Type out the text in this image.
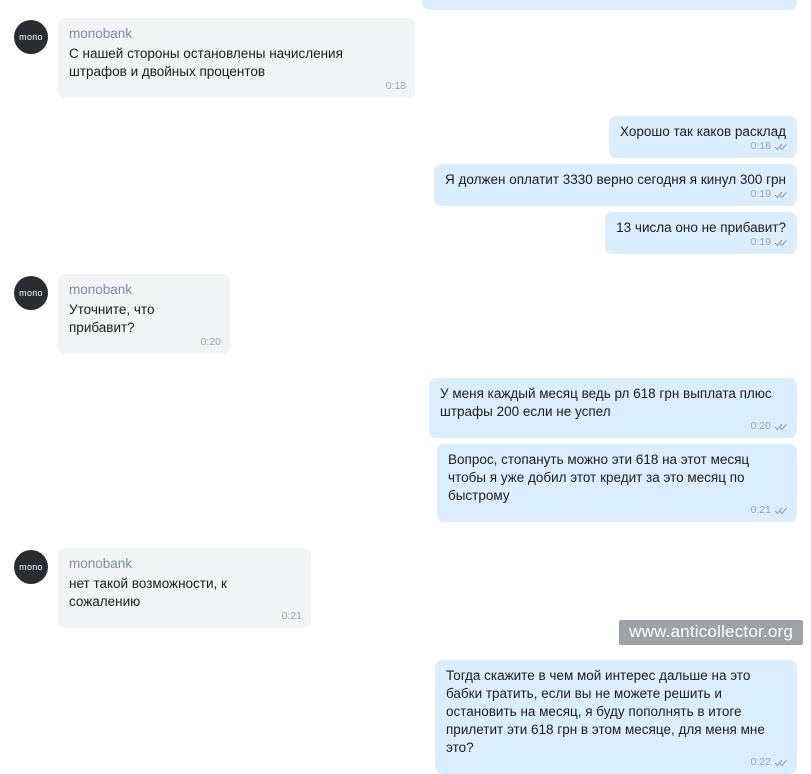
mono	monobank
С нашей стороны остановлены начисления штрафов и двойных процентов
0:18
Хорошо так каков расклад
0:18
Я должен оплатит 3330 верно сегодня я кинул 300 грн
0:19
13 числа оно не прибавит?
0:19
mono	monobank
Уточните, что прибавит?
0:20
У меня каждый месяц ведь рл 618 грн выплата плюс штрафы 200 если не успел
0:20
Вопрос, стопануть можно эти 618 на этот месяц чтобы я уже добил этот кредит за это месяц по быстрому
0:21
mono	monobank
нет такой возможности, к сожалению
0:21
Тогда скажите в чем мой интерес дальше на это бабки тратить, если вы не можете решить и остановить на месяц, я буду пополнять в итоге прилетит эти 618 грн в этом месяце, для меня мне это?
0:22
www.anticollector.org
